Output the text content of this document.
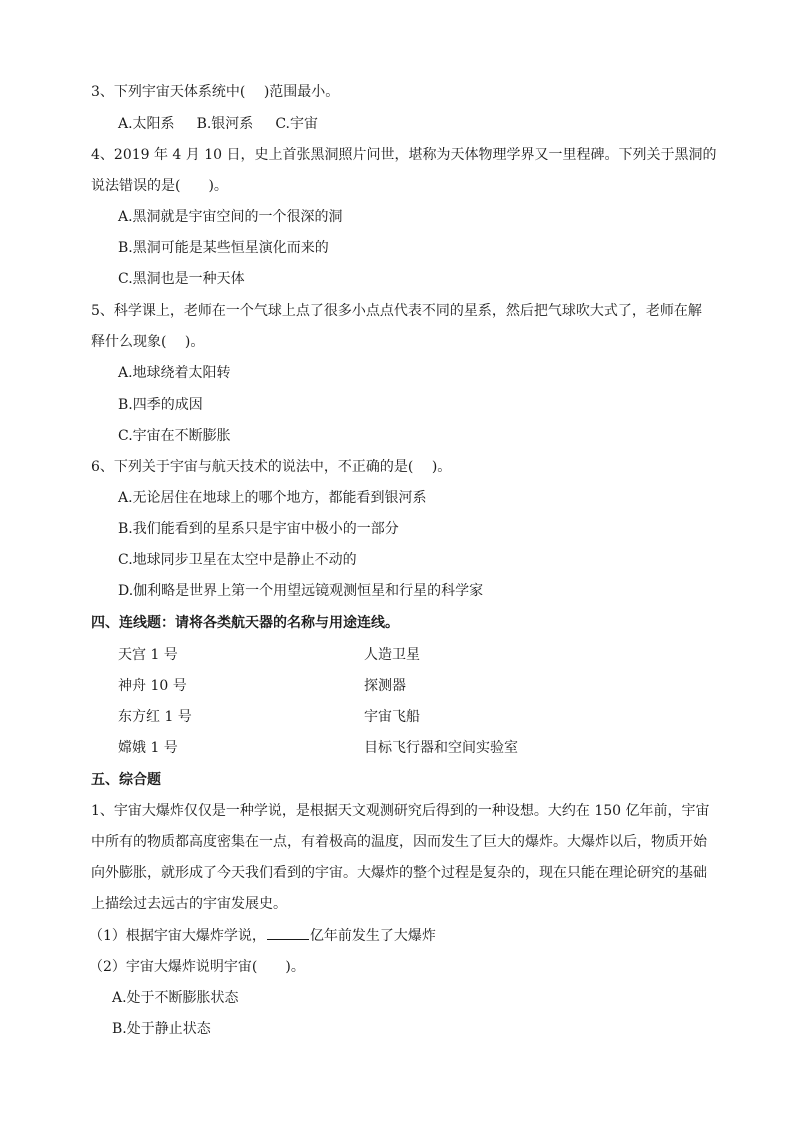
3、下列宇宙天体系统中(　 )范围最小。
A.太阳系 B.银河系 C.宇宙
4、2019 年 4 月 10 日，史上首张黑洞照片问世，堪称为天体物理学界又一里程碑。下列关于黑洞的
说法错误的是(　　)。
A.黑洞就是宇宙空间的一个很深的洞
B.黑洞可能是某些恒星演化而来的
C.黑洞也是一种天体
5、科学课上，老师在一个气球上点了很多小点点代表不同的星系，然后把气球吹大式了，老师在解
释什么现象(　 )。
A.地球绕着太阳转
B.四季的成因
C.宇宙在不断膨胀
6、下列关于宇宙与航天技术的说法中，不正确的是(　 )。
A.无论居住在地球上的哪个地方，都能看到银河系
B.我们能看到的星系只是宇宙中极小的一部分
C.地球同步卫星在太空中是静止不动的
D.伽利略是世界上第一个用望远镜观测恒星和行星的科学家
四、连线题：请将各类航天器的名称与用途连线。
天宫 1 号	人造卫星
神舟 10 号	探测器
东方红 1 号	宇宙飞船
嫦娥 1 号	目标飞行器和空间实验室
五、综合题
1、宇宙大爆炸仅仅是一种学说，是根据天文观测研究后得到的一种设想。大约在 150 亿年前，宇宙
中所有的物质都高度密集在一点，有着极高的温度，因而发生了巨大的爆炸。大爆炸以后，物质开始
向外膨胀，就形成了今天我们看到的宇宙。大爆炸的整个过程是复杂的，现在只能在理论研究的基础
上描绘过去远古的宇宙发展史。
（1）根据宇宙大爆炸学说，	亿年前发生了大爆炸
（2）宇宙大爆炸说明宇宙(　　)。
A.处于不断膨胀状态
B.处于静止状态
